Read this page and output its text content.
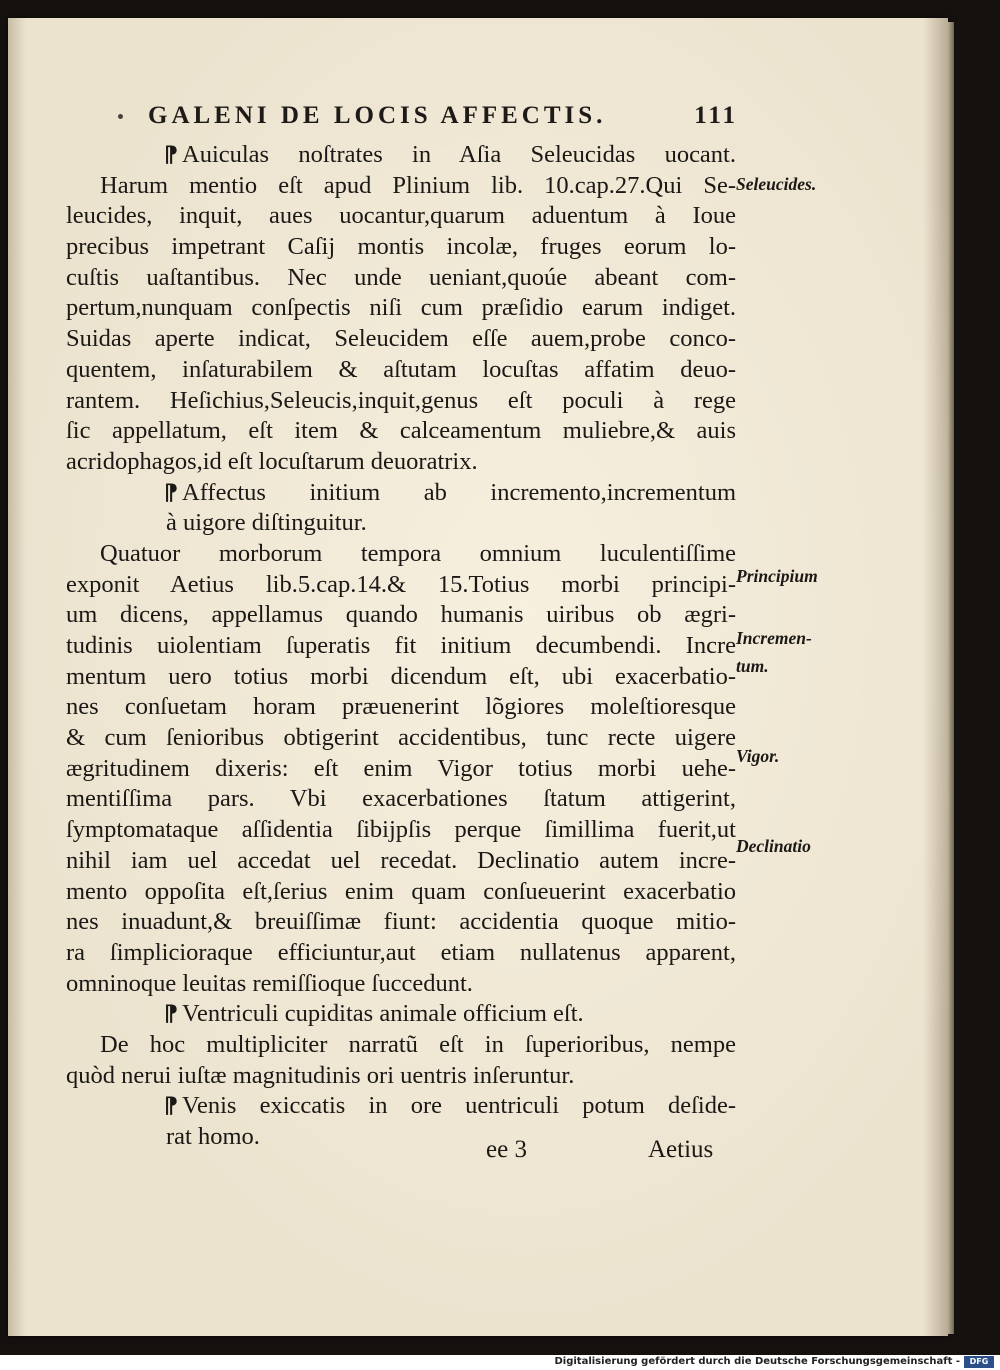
GALENI DE LOCIS AFFECTIS.	111
⁋ Auiculas noſtrates in Aſia Seleucidas uocant.
Harum mentio eſt apud Plinium lib. 10.cap.27.Qui Se-
leucides, inquit, aues uocantur,quarum aduentum à Ioue
precibus impetrant Caſij montis incolæ, fruges eorum lo-
cuſtis uaſtantibus. Nec unde ueniant,quoúe abeant com-
pertum,nunquam conſpectis niſi cum præſidio earum indiget.
Suidas aperte indicat, Seleucidem eſſe auem,probe conco-
quentem, inſaturabilem & aſtutam locuſtas affatim deuo-
rantem. Heſichius,Seleucis,inquit,genus eſt poculi à rege
ſic appellatum, eſt item & calceamentum muliebre,& auis
acridophagos,id eſt locuſtarum deuoratrix.
⁋ Affectus initium ab incremento,incrementum
à uigore diſtinguitur.
Quatuor morborum tempora omnium luculentiſſime
exponit Aetius lib.5.cap.14.& 15.Totius morbi principi-
um dicens, appellamus quando humanis uiribus ob ægri-
tudinis uiolentiam ſuperatis fit initium decumbendi. Incre
mentum uero totius morbi dicendum eſt, ubi exacerbatio-
nes conſuetam horam præuenerint lõgiores moleſtioresque
& cum ſenioribus obtigerint accidentibus, tunc recte uigere
ægritudinem dixeris: eſt enim Vigor totius morbi uehe-
mentiſſima pars. Vbi exacerbationes ſtatum attigerint,
ſymptomataque aſſidentia ſibijpſis perque ſimillima fuerit,ut
nihil iam uel accedat uel recedat. Declinatio autem incre-
mento oppoſita eſt,ſerius enim quam conſueuerint exacerbatio
nes inuadunt,& breuiſſimæ fiunt: accidentia quoque mitio-
ra ſimplicioraque efficiuntur,aut etiam nullatenus apparent,
omninoque leuitas remiſſioque ſuccedunt.
⁋ Ventriculi cupiditas animale officium eſt.
De hoc multipliciter narratũ eſt in ſuperioribus, nempe
quòd nerui iuſtæ magnitudinis ori uentris inſeruntur.
⁋ Venis exiccatis in ore uentriculi potum deſide-
rat homo.
Seleucides.
Principium
Incremen-
tum.
Vigor.
Declinatio
ee 3	Aetius
Digitalisierung gefördert durch die Deutsche Forschungsgemeinschaft -	DFG
